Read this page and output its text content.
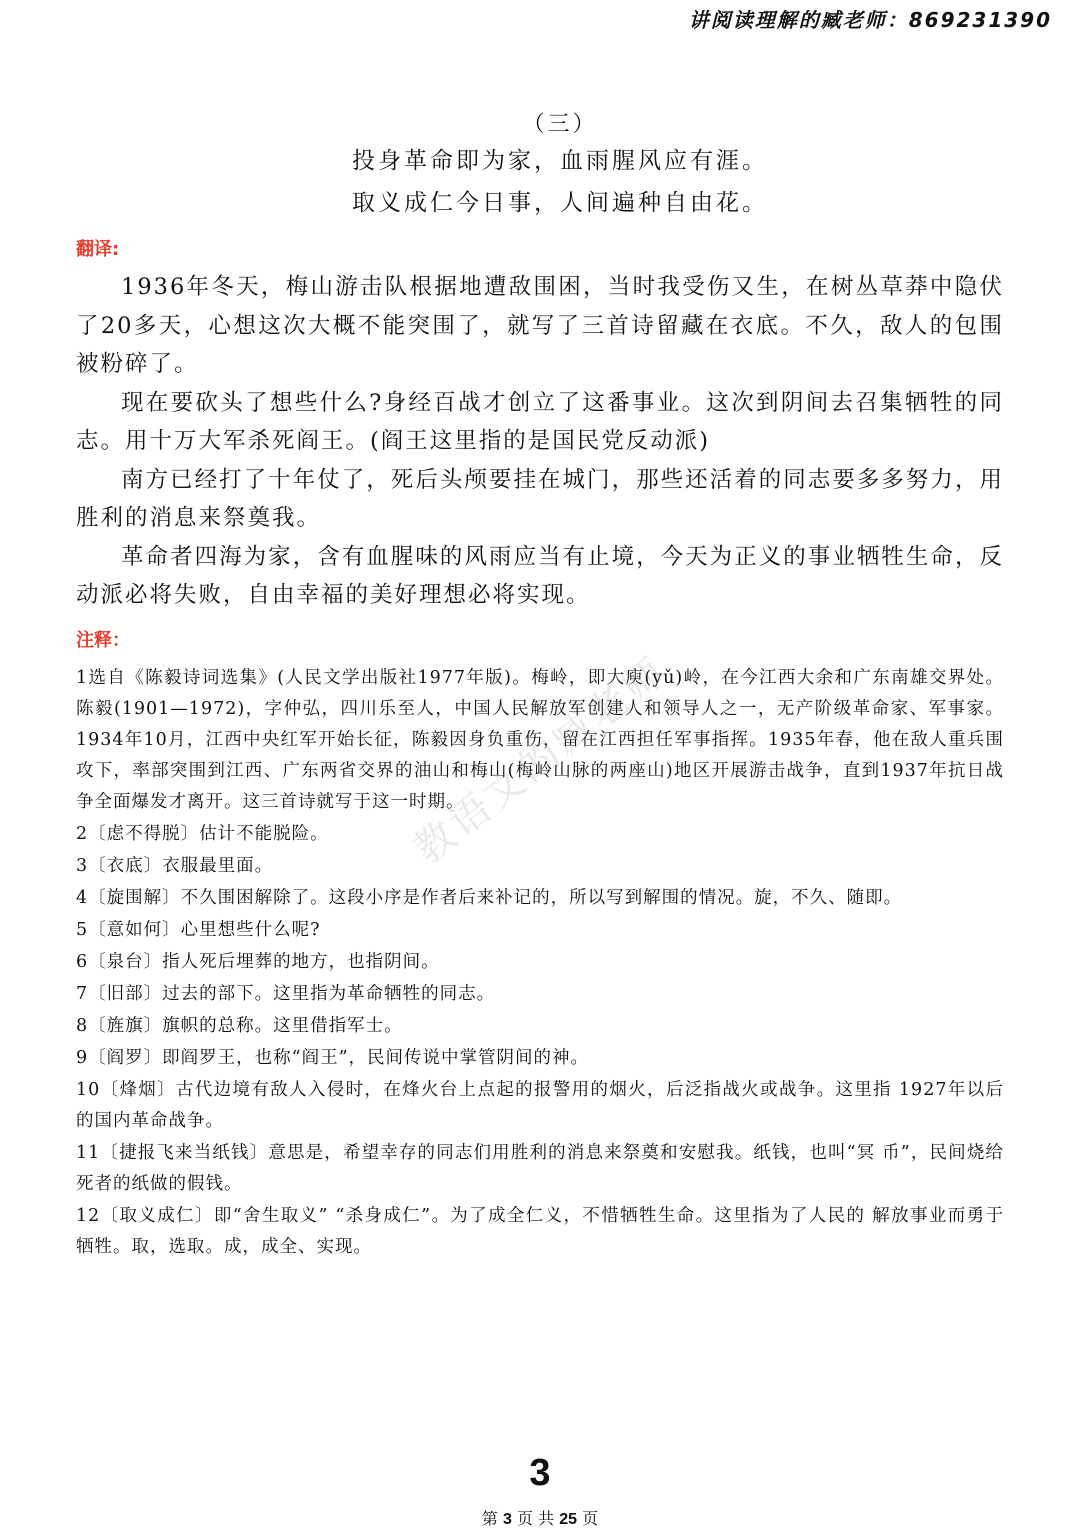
讲阅读理解的臧老师：869231390
（三）
投身革命即为家，血雨腥风应有涯。
取义成仁今日事，人间遍种自由花。
翻译:

1936年冬天，梅山游击队根据地遭敌围困，当时我受伤又生，在树丛草莽中隐伏了20多天，心想这次大概不能突围了，就写了三首诗留藏在衣底。不久，敌人的包围被粉碎了。

现在要砍头了想些什么?身经百战才创立了这番事业。这次到阴间去召集牺牲的同志。用十万大军杀死阎王。(阎王这里指的是国民党反动派)

南方已经打了十年仗了，死后头颅要挂在城门，那些还活着的同志要多多努力，用胜利的消息来祭奠我。

革命者四海为家，含有血腥味的风雨应当有止境，今天为正义的事业牺牲生命，反动派必将失败，自由幸福的美好理想必将实现。

注释：

1选自《陈毅诗词选集》(人民文学出版社1977年版)。梅岭，即大庾(yǔ)岭，在今江西大余和广东南雄交界处。陈毅(1901—1972)，字仲弘，四川乐至人，中国人民解放军创建人和领导人之一，无产阶级革命家、军事家。1934年10月，江西中央红军开始长征，陈毅因身负重伤，留在江西担任军事指挥。1935年春，他在敌人重兵围攻下，率部突围到江西、广东两省交界的油山和梅山(梅岭山脉的两座山)地区开展游击战争，直到1937年抗日战争全面爆发才离开。这三首诗就写于这一时期。

2〔虑不得脱〕估计不能脱险。

3〔衣底〕衣服最里面。

4〔旋围解〕不久围困解除了。这段小序是作者后来补记的，所以写到解围的情况。旋，不久、随即。

5〔意如何〕心里想些什么呢?

6〔泉台〕指人死后埋葬的地方，也指阴间。

7〔旧部〕过去的部下。这里指为革命牺牲的同志。

8〔旌旗〕旗帜的总称。这里借指军士。

9〔阎罗〕即阎罗王，也称“阎王”，民间传说中掌管阴间的神。

10〔烽烟〕古代边境有敌人入侵时，在烽火台上点起的报警用的烟火，后泛指战火或战争。这里指 1927年以后的国内革命战争。

11〔捷报飞来当纸钱〕意思是，希望幸存的同志们用胜利的消息来祭奠和安慰我。纸钱，也叫“冥 币”，民间烧给死者的纸做的假钱。

12〔取义成仁〕即“舍生取义” “杀身成仁”。为了成全仁义，不惜牺牲生命。这里指为了人民的 解放事业而勇于牺牲。取，选取。成，成全、实现。

教语文的臧老师
3
第 3 页 共 25 页
